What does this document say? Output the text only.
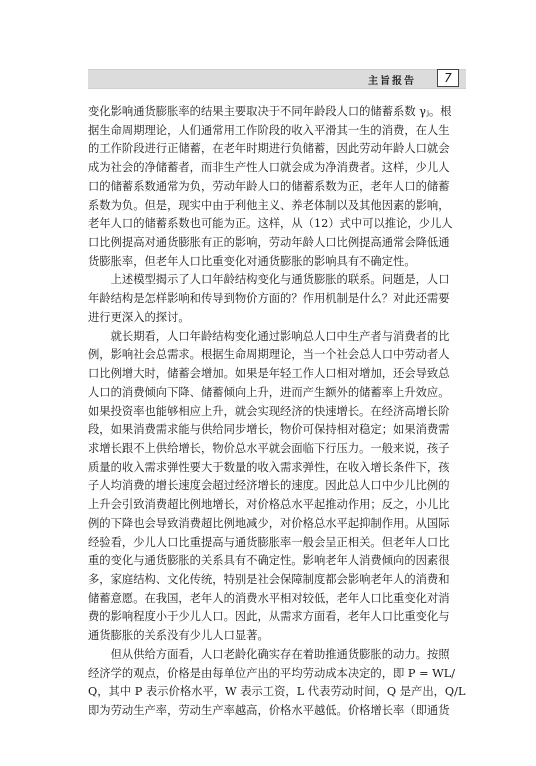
主旨报告	7

变化影响通货膨胀率的结果主要取决于不同年龄段人口的储蓄系数 γⱼ。根
据生命周期理论，人们通常用工作阶段的收入平滑其一生的消费，在人生
的工作阶段进行正储蓄，在老年时期进行负储蓄，因此劳动年龄人口就会
成为社会的净储蓄者，而非生产性人口就会成为净消费者。这样，少儿人
口的储蓄系数通常为负，劳动年龄人口的储蓄系数为正，老年人口的储蓄
系数为负。但是，现实中由于利他主义、养老体制以及其他因素的影响，
老年人口的储蓄系数也可能为正。这样，从（12）式中可以推论，少儿人
口比例提高对通货膨胀有正的影响，劳动年龄人口比例提高通常会降低通
货膨胀率，但老年人口比重变化对通货膨胀的影响具有不确定性。

上述模型揭示了人口年龄结构变化与通货膨胀的联系。问题是，人口
年龄结构是怎样影响和传导到物价方面的？作用机制是什么？对此还需要
进行更深入的探讨。

就长期看，人口年龄结构变化通过影响总人口中生产者与消费者的比
例，影响社会总需求。根据生命周期理论，当一个社会总人口中劳动者人
口比例增大时，储蓄会增加。如果是年轻工作人口相对增加，还会导致总
人口的消费倾向下降、储蓄倾向上升，进而产生额外的储蓄率上升效应。
如果投资率也能够相应上升，就会实现经济的快速增长。在经济高增长阶
段，如果消费需求能与供给同步增长，物价可保持相对稳定；如果消费需
求增长跟不上供给增长，物价总水平就会面临下行压力。一般来说，孩子
质量的收入需求弹性要大于数量的收入需求弹性，在收入增长条件下，孩
子人均消费的增长速度会超过经济增长的速度。因此总人口中少儿比例的
上升会引致消费超比例地增长，对价格总水平起推动作用；反之，小儿比
例的下降也会导致消费超比例地减少，对价格总水平起抑制作用。从国际
经验看，少儿人口比重提高与通货膨胀率一般会呈正相关。但老年人口比
重的变化与通货膨胀的关系具有不确定性。影响老年人消费倾向的因素很
多，家庭结构、文化传统，特别是社会保障制度都会影响老年人的消费和
储蓄意愿。在我国，老年人的消费水平相对较低，老年人口比重变化对消
费的影响程度小于少儿人口。因此，从需求方面看，老年人口比重变化与
通货膨胀的关系没有少儿人口显著。

但从供给方面看，人口老龄化确实存在着助推通货膨胀的动力。按照
经济学的观点，价格是由每单位产出的平均劳动成本决定的，即 P = WL/
Q，其中 P 表示价格水平，W 表示工资，L 代表劳动时间，Q 是产出，Q/L
即为劳动生产率，劳动生产率越高，价格水平越低。价格增长率（即通货
